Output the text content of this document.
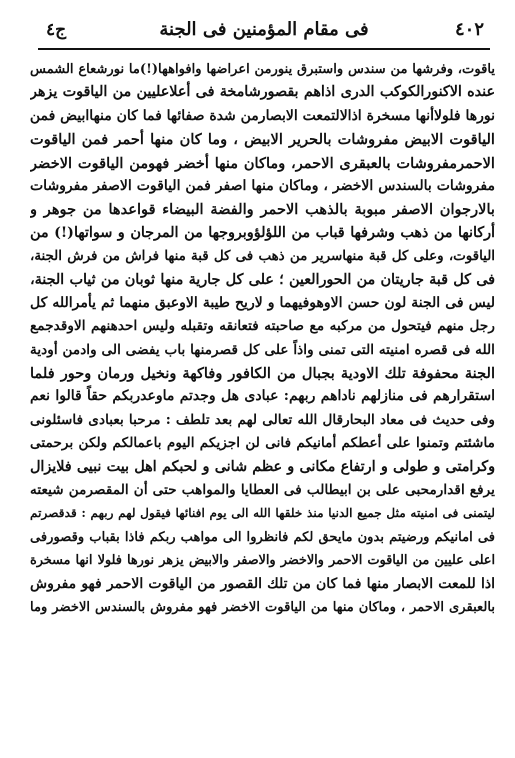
٤٠٢
فى مقام المؤمنين فى الجنة
ج٤
ياقوت، وفرشها من سندس واستبرق ينورمن اعراضها وافواهها(!)ما نورشعاع الشمس
عنده الاكنورالكوكب الدرى اذاهم بقصورشامخة فى أعلاعليين من الياقوت يزهر
نورها فلولاأنها مسخرة اذالالتمعت الابصارمن شدة صفائها فما كان منهاابيض فمن
الياقوت الابيض مفروشات بالحرير الابيض ، وما كان منها أحمر فمن الياقوت
الاحمرمفروشات بالعبقرى الاحمر، وماكان منها أخضر فهومن الياقوت الاخضر
مفروشات بالسندس الاخضر ، وماكان منها اصفر فمن الياقوت الاصفر مفروشات
بالارجوان الاصفر مبوبة بالذهب الاحمر والفضة البيضاء قواعدها من جوهر و
أركانها من ذهب وشرفها قباب من اللؤلؤوبروجها من المرجان و سواتها(!) من
الياقوت، وعلى كل قبة منهاسرير من ذهب فى كل قبة منها فراش من فرش الجنة،
فى كل قبة جاريتان من الحورالعين ؛ على كل جارية منها ثوبان من ثياب الجنة،
ليس فى الجنة لون حسن الاوهوفيهما و لاريح طيبة الاوعبق منهما ثم يأمرالله كل
رجل منهم فيتحول من مركبه مع صاحبته فتعانقه وتقبله وليس احدهنهم الاوقدجمع
الله فى قصره امنيته التى تمنى واذاً على كل قصرمنها باب يفضى الى وادمن أودية
الجنة محفوفة تلك الاودية بجبال من الكافور وفاكهة ونخيل ورمان وحور فلما
استقرارهم فى منازلهم ناداهم ربهم: عبادى هل وجدتم ماوعدربكم حقاً قالوا نعم
وفى حديث فى معاد البحارقال الله تعالى لهم بعد تلطف : مرحبا بعبادى فاسئلونى
ماشئتم وتمنوا على أعطكم أمانيكم فانى لن اجزيكم اليوم باعمالكم ولكن برحمتى
وكرامتى و طولى و ارتفاع مكانى و عظم شانى و لحبكم اهل بيت نبيى فلايزال
يرفع اقدارمحبى على بن ابيطالب فى العطايا والمواهب حتى أن المقصرمن شيعته
ليتمنى فى امنيته مثل جميع الدنيا منذ خلقها الله الى يوم افنائها فيقول لهم ربهم : قدقصرتم
فى امانيكم ورضيتم بدون مايحق لكم فانظروا الى مواهب ربكم فاذا بقباب وقصورفى
اعلى عليين من الياقوت الاحمر والاخضر والاصفر والابيض يزهر نورها فلولا انها مسخرة
اذا للمعت الابصار منها فما كان من تلك القصور من الياقوت الاحمر فهو مفروش
بالعبقرى الاحمر ، وماكان منها من الياقوت الاخضر فهو مفروش بالسندس الاخضر وما
